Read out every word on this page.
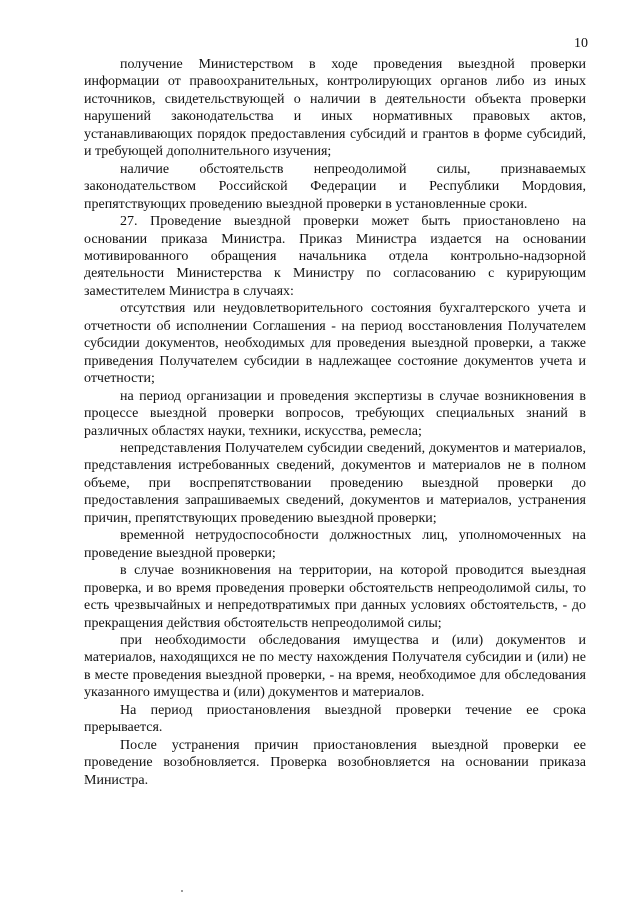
10

получение Министерством в ходе проведения выездной проверки информации от правоохранительных, контролирующих органов либо из иных источников, свидетельствующей о наличии в деятельности объекта проверки нарушений законодательства и иных нормативных правовых актов, устанавливающих порядок предоставления субсидий и грантов в форме субсидий, и требующей дополнительного изучения;

наличие обстоятельств непреодолимой силы, признаваемых законодательством Российской Федерации и Республики Мордовия, препятствующих проведению выездной проверки в установленные сроки.

27. Проведение выездной проверки может быть приостановлено на основании приказа Министра. Приказ Министра издается на основании мотивированного обращения начальника отдела контрольно-надзорной деятельности Министерства к Министру по согласованию с курирующим заместителем Министра в случаях:

отсутствия или неудовлетворительного состояния бухгалтерского учета и отчетности об исполнении Соглашения - на период восстановления Получателем субсидии документов, необходимых для проведения выездной проверки, а также приведения Получателем субсидии в надлежащее состояние документов учета и отчетности;

на период организации и проведения экспертизы в случае возникновения в процессе выездной проверки вопросов, требующих специальных знаний в различных областях науки, техники, искусства, ремесла;

непредставления Получателем субсидии сведений, документов и материалов, представления истребованных сведений, документов и материалов не в полном объеме, при воспрепятствовании проведению выездной проверки до предоставления запрашиваемых сведений, документов и материалов, устранения причин, препятствующих проведению выездной проверки;

временной нетрудоспособности должностных лиц, уполномоченных на проведение выездной проверки;

в случае возникновения на территории, на которой проводится выездная проверка, и во время проведения проверки обстоятельств непреодолимой силы, то есть чрезвычайных и непредотвратимых при данных условиях обстоятельств, - до прекращения действия обстоятельств непреодолимой силы;

при необходимости обследования имущества и (или) документов и материалов, находящихся не по месту нахождения Получателя субсидии и (или) не в месте проведения выездной проверки, - на время, необходимое для обследования указанного имущества и (или) документов и материалов.

На период приостановления выездной проверки течение ее срока прерывается.

После устранения причин приостановления выездной проверки ее проведение возобновляется. Проверка возобновляется на основании приказа Министра.
